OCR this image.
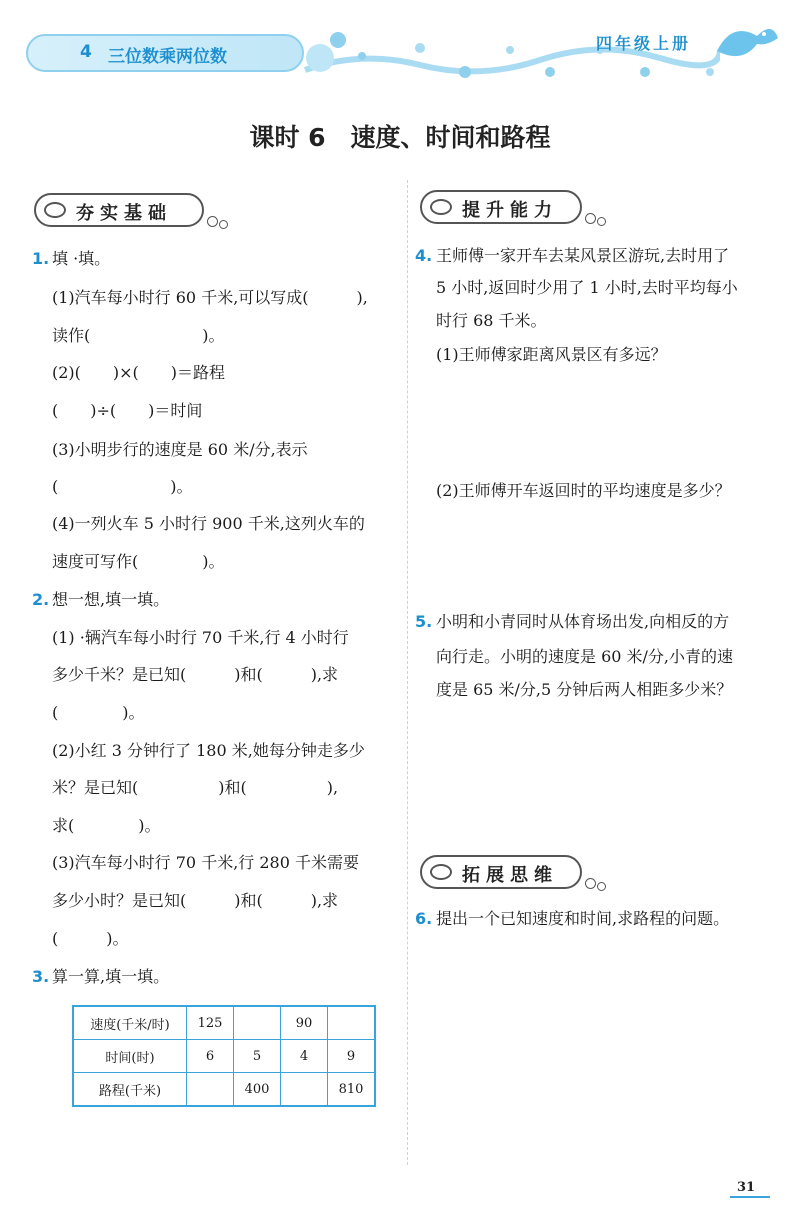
4 三位数乘两位数
四年级上册
课时 6　速度、时间和路程
夯实基础
1. 填 ·填。
(1)汽车每小时行 60 千米,可以写成(　　　),
读作(　　　　　　　)。
(2)(　　)×(　　)＝路程
(　　)÷(　　)＝时间
(3)小明步行的速度是 60 米/分,表示
(　　　　　　　)。
(4)一列火车 5 小时行 900 千米,这列火车的
速度可写作(　　　　)。
2. 想一想,填一填。
(1) ·辆汽车每小时行 70 千米,行 4 小时行
多少千米？是已知(　　　)和(　　　),求
(　　　　)。
(2)小红 3 分钟行了 180 米,她每分钟走多少
米？是已知(　　　　　)和(　　　　　),
求(　　　　)。
(3)汽车每小时行 70 千米,行 280 千米需要
多少小时？是已知(　　　)和(　　　),求
(　　　)。
3. 算一算,填一填。
速度(千米/时)	125		90	
时间(时)	6	5	4	9
路程(千米)		400		810
提升能力
4. 王师傅一家开车去某风景区游玩,去时用了
5 小时,返回时少用了 1 小时,去时平均每小
时行 68 千米。
(1)王师傅家距离风景区有多远？
(2)王师傅开车返回时的平均速度是多少？
5. 小明和小青同时从体育场出发,向相反的方
向行走。小明的速度是 60 米/分,小青的速
度是 65 米/分,5 分钟后两人相距多少米？
拓展思维
6. 提出一个已知速度和时间,求路程的问题。
31
